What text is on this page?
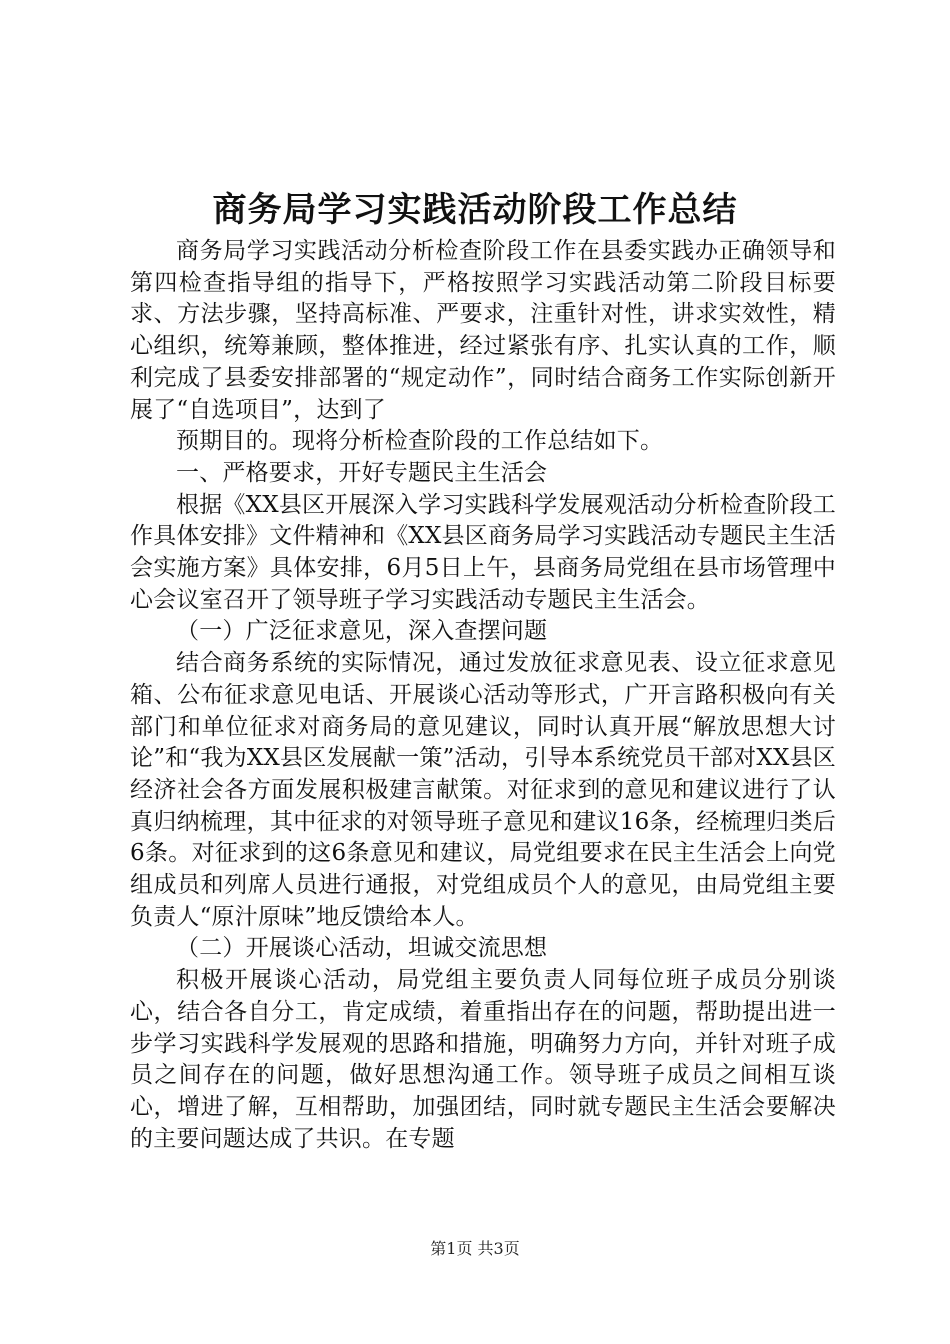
商务局学习实践活动阶段工作总结

商务局学习实践活动分析检查阶段工作在县委实践办正确领导和第四检查指导组的指导下，严格按照学习实践活动第二阶段目标要求、方法步骤，坚持高标准、严要求，注重针对性，讲求实效性，精心组织，统筹兼顾，整体推进，经过紧张有序、扎实认真的工作，顺利完成了县委安排部署的“规定动作”，同时结合商务工作实际创新开展了“自选项目”，达到了

预期目的。现将分析检查阶段的工作总结如下。

一、严格要求，开好专题民主生活会

根据《XX县区开展深入学习实践科学发展观活动分析检查阶段工作具体安排》文件精神和《XX县区商务局学习实践活动专题民主生活会实施方案》具体安排，6月5日上午，县商务局党组在县市场管理中心会议室召开了领导班子学习实践活动专题民主生活会。

（一）广泛征求意见，深入查摆问题

结合商务系统的实际情况，通过发放征求意见表、设立征求意见箱、公布征求意见电话、开展谈心活动等形式，广开言路积极向有关部门和单位征求对商务局的意见建议，同时认真开展“解放思想大讨论”和“我为XX县区发展献一策”活动，引导本系统党员干部对XX县区经济社会各方面发展积极建言献策。对征求到的意见和建议进行了认真归纳梳理，其中征求的对领导班子意见和建议16条，经梳理归类后6条。对征求到的这6条意见和建议，局党组要求在民主生活会上向党组成员和列席人员进行通报，对党组成员个人的意见，由局党组主要负责人“原汁原味”地反馈给本人。

（二）开展谈心活动，坦诚交流思想

积极开展谈心活动，局党组主要负责人同每位班子成员分别谈心，结合各自分工，肯定成绩，着重指出存在的问题，帮助提出进一步学习实践科学发展观的思路和措施，明确努力方向，并针对班子成员之间存在的问题，做好思想沟通工作。领导班子成员之间相互谈心，增进了解，互相帮助，加强团结，同时就专题民主生活会要解决的主要问题达成了共识。在专题

第1页 共3页
